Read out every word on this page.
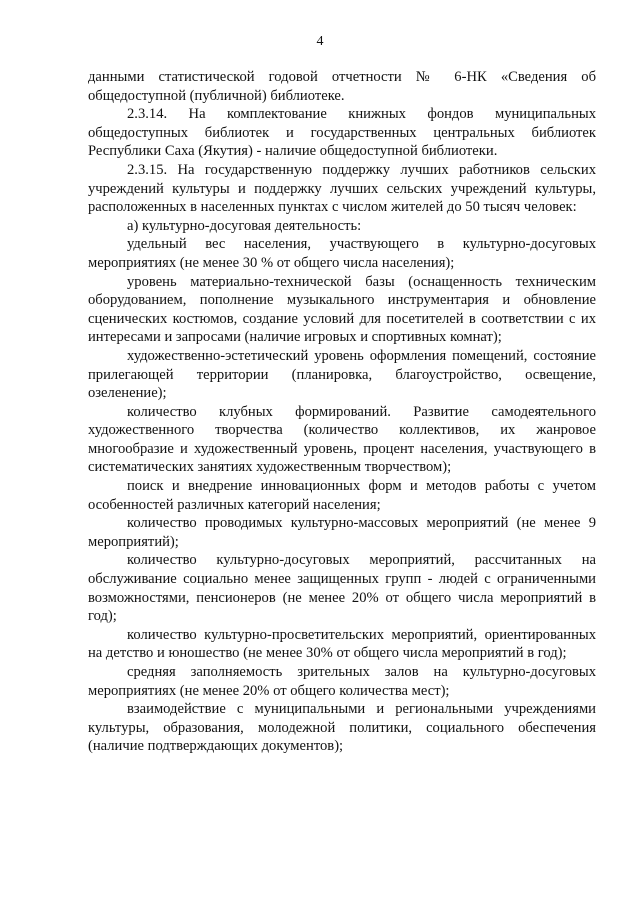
4

данными статистической годовой отчетности № 6-НК «Сведения об общедоступной (публичной) библиотеке.

2.3.14. На комплектование книжных фондов муниципальных общедоступных библиотек и государственных центральных библиотек Республики Саха (Якутия) - наличие общедоступной библиотеки.

2.3.15. На государственную поддержку лучших работников сельских учреждений культуры и поддержку лучших сельских учреждений культуры, расположенных в населенных пунктах с числом жителей до 50 тысяч человек:

а) культурно-досуговая деятельность:

удельный вес населения, участвующего в культурно-досуговых мероприятиях (не менее 30 % от общего числа населения);

уровень материально-технической базы (оснащенность техническим оборудованием, пополнение музыкального инструментария и обновление сценических костюмов, создание условий для посетителей в соответствии с их интересами и запросами (наличие игровых и спортивных комнат);

художественно-эстетический уровень оформления помещений, состояние прилегающей территории (планировка, благоустройство, освещение, озеленение);

количество клубных формирований. Развитие самодеятельного художественного творчества (количество коллективов, их жанровое многообразие и художественный уровень, процент населения, участвующего в систематических занятиях художественным творчеством);

поиск и внедрение инновационных форм и методов работы с учетом особенностей различных категорий населения;

количество проводимых культурно-массовых мероприятий (не менее 9 мероприятий);

количество культурно-досуговых мероприятий, рассчитанных на обслуживание социально менее защищенных групп - людей с ограниченными возможностями, пенсионеров (не менее 20% от общего числа мероприятий в год);

количество культурно-просветительских мероприятий, ориентированных на детство и юношество (не менее 30% от общего числа мероприятий в год);

средняя заполняемость зрительных залов на культурно-досуговых мероприятиях (не менее 20% от общего количества мест);

взаимодействие с муниципальными и региональными учреждениями культуры, образования, молодежной политики, социального обеспечения (наличие подтверждающих документов);
